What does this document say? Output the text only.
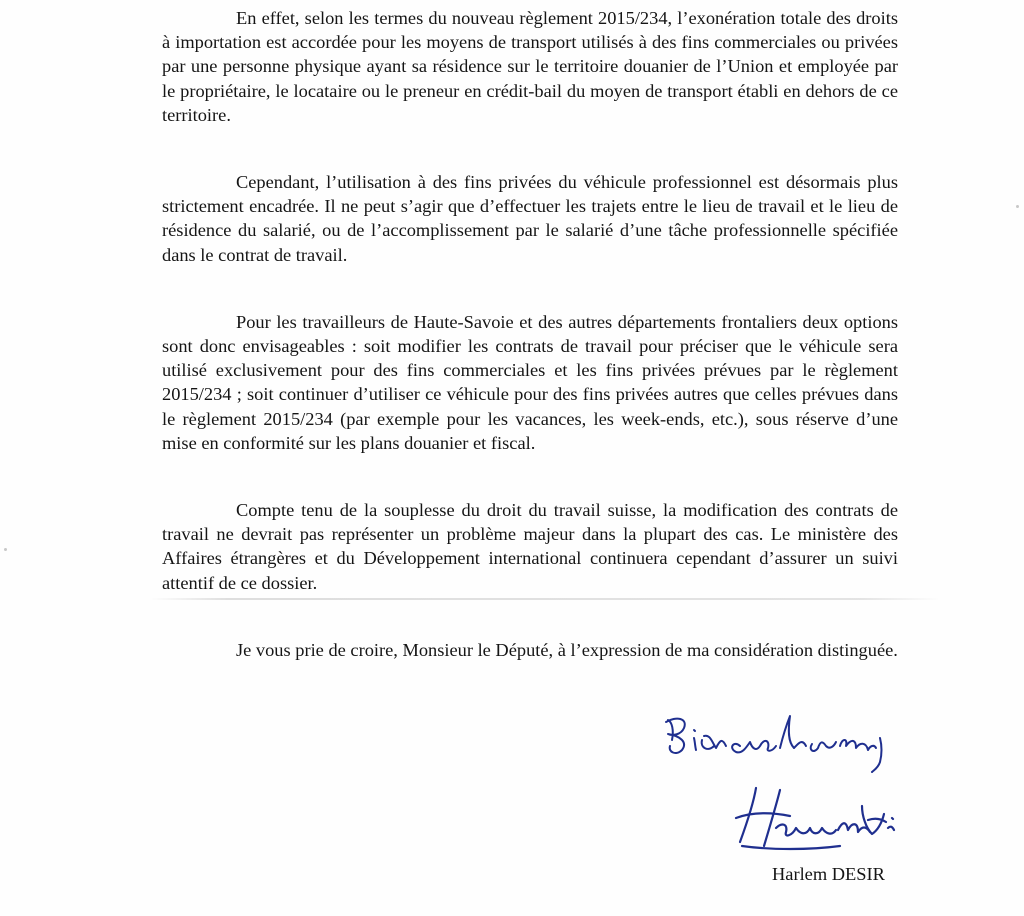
En effet, selon les termes du nouveau règlement 2015/234, l’exonération totale des droits à importation est accordée pour les moyens de transport utilisés à des fins commerciales ou privées par une personne physique ayant sa résidence sur le territoire douanier de l’Union et employée par le propriétaire, le locataire ou le preneur en crédit-bail du moyen de transport établi en dehors de ce territoire.

Cependant, l’utilisation à des fins privées du véhicule professionnel est désormais plus strictement encadrée. Il ne peut s’agir que d’effectuer les trajets entre le lieu de travail et le lieu de résidence du salarié, ou de l’accomplissement par le salarié d’une tâche professionnelle spécifiée dans le contrat de travail.

Pour les travailleurs de Haute-Savoie et des autres départements frontaliers deux options sont donc envisageables : soit modifier les contrats de travail pour préciser que le véhicule sera utilisé exclusivement pour des fins commerciales et les fins privées prévues par le règlement 2015/234 ; soit continuer d’utiliser ce véhicule pour des fins privées autres que celles prévues dans le règlement 2015/234 (par exemple pour les vacances, les week-ends, etc.), sous réserve d’une mise en conformité sur les plans douanier et fiscal.

Compte tenu de la souplesse du droit du travail suisse, la modification des contrats de travail ne devrait pas représenter un problème majeur dans la plupart des cas. Le ministère des Affaires étrangères et du Développement international continuera cependant d’assurer un suivi attentif de ce dossier.

Je vous prie de croire, Monsieur le Député, à l’expression de ma considération distinguée.

Harlem DESIR
